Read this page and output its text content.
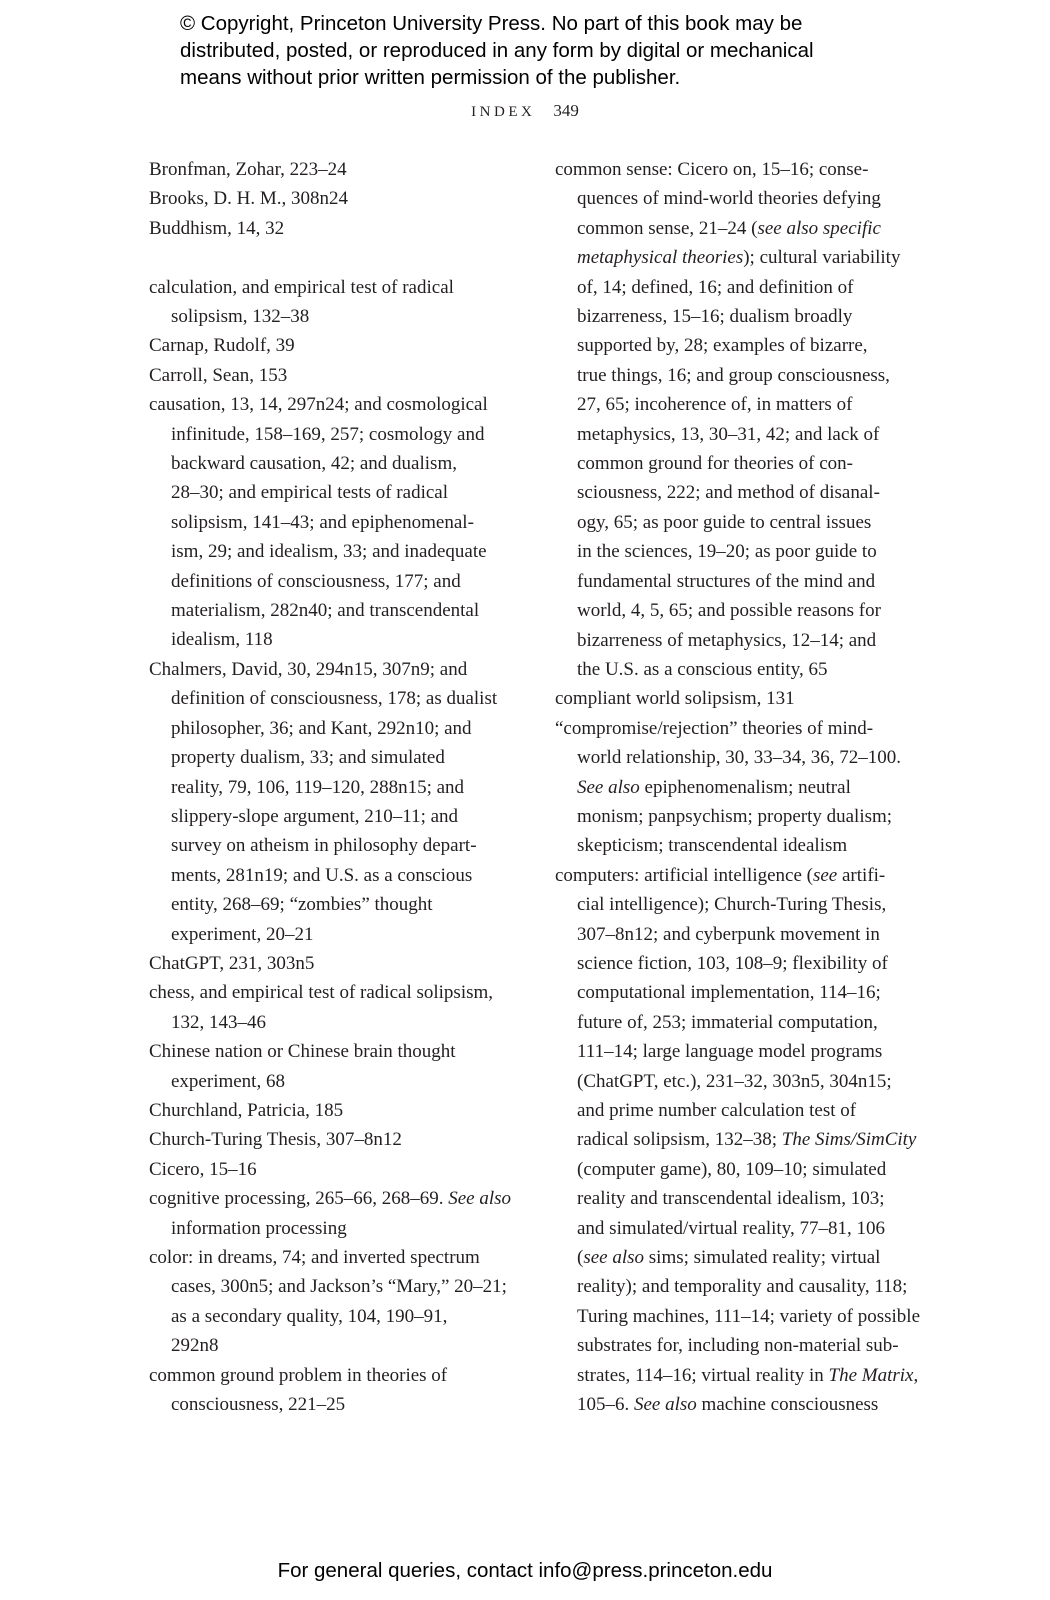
© Copyright, Princeton University Press. No part of this book may be
distributed, posted, or reproduced in any form by digital or mechanical
means without prior written permission of the publisher.
INDEX 349

Bronfman, Zohar, 223–24

Brooks, D. H. M., 308n24

Buddhism, 14, 32

calculation, and empirical test of radical
solipsism, 132–38

Carnap, Rudolf, 39

Carroll, Sean, 153

causation, 13, 14, 297n24; and cosmological
infinitude, 158–169, 257; cosmology and
backward causation, 42; and dualism,
28–30; and empirical tests of radical
solipsism, 141–43; and epiphenomenal-
ism, 29; and idealism, 33; and inadequate
definitions of consciousness, 177; and
materialism, 282n40; and transcendental
idealism, 118

Chalmers, David, 30, 294n15, 307n9; and
definition of consciousness, 178; as dualist
philosopher, 36; and Kant, 292n10; and
property dualism, 33; and simulated
reality, 79, 106, 119–120, 288n15; and
slippery-slope argument, 210–11; and
survey on atheism in philosophy depart-
ments, 281n19; and U.S. as a conscious
entity, 268–69; “zombies” thought
experiment, 20–21

ChatGPT, 231, 303n5

chess, and empirical test of radical solipsism,
132, 143–46

Chinese nation or Chinese brain thought
experiment, 68

Churchland, Patricia, 185

Church-Turing Thesis, 307–8n12

Cicero, 15–16

cognitive processing, 265–66, 268–69. See also
information processing

color: in dreams, 74; and inverted spectrum
cases, 300n5; and Jackson’s “Mary,” 20–21;
as a secondary quality, 104, 190–91,
292n8

common ground problem in theories of
consciousness, 221–25

common sense: Cicero on, 15–16; conse-
quences of mind-world theories defying
common sense, 21–24 (see also specific
metaphysical theories); cultural variability
of, 14; defined, 16; and definition of
bizarreness, 15–16; dualism broadly
supported by, 28; examples of bizarre,
true things, 16; and group consciousness,
27, 65; incoherence of, in matters of
metaphysics, 13, 30–31, 42; and lack of
common ground for theories of con-
sciousness, 222; and method of disanal-
ogy, 65; as poor guide to central issues
in the sciences, 19–20; as poor guide to
fundamental structures of the mind and
world, 4, 5, 65; and possible reasons for
bizarreness of metaphysics, 12–14; and
the U.S. as a conscious entity, 65

compliant world solipsism, 131

“compromise/rejection” theories of mind-
world relationship, 30, 33–34, 36, 72–100.
See also epiphenomenalism; neutral
monism; panpsychism; property dualism;
skepticism; transcendental idealism

computers: artificial intelligence (see artifi-
cial intelligence); Church-Turing Thesis,
307–8n12; and cyberpunk movement in
science fiction, 103, 108–9; flexibility of
computational implementation, 114–16;
future of, 253; immaterial computation,
111–14; large language model programs
(ChatGPT, etc.), 231–32, 303n5, 304n15;
and prime number calculation test of
radical solipsism, 132–38; The Sims/SimCity
(computer game), 80, 109–10; simulated
reality and transcendental idealism, 103;
and simulated/virtual reality, 77–81, 106
(see also sims; simulated reality; virtual
reality); and temporality and causality, 118;
Turing machines, 111–14; variety of possible
substrates for, including non-material sub-
strates, 114–16; virtual reality in The Matrix,
105–6. See also machine consciousness

For general queries, contact info@press.princeton.edu
